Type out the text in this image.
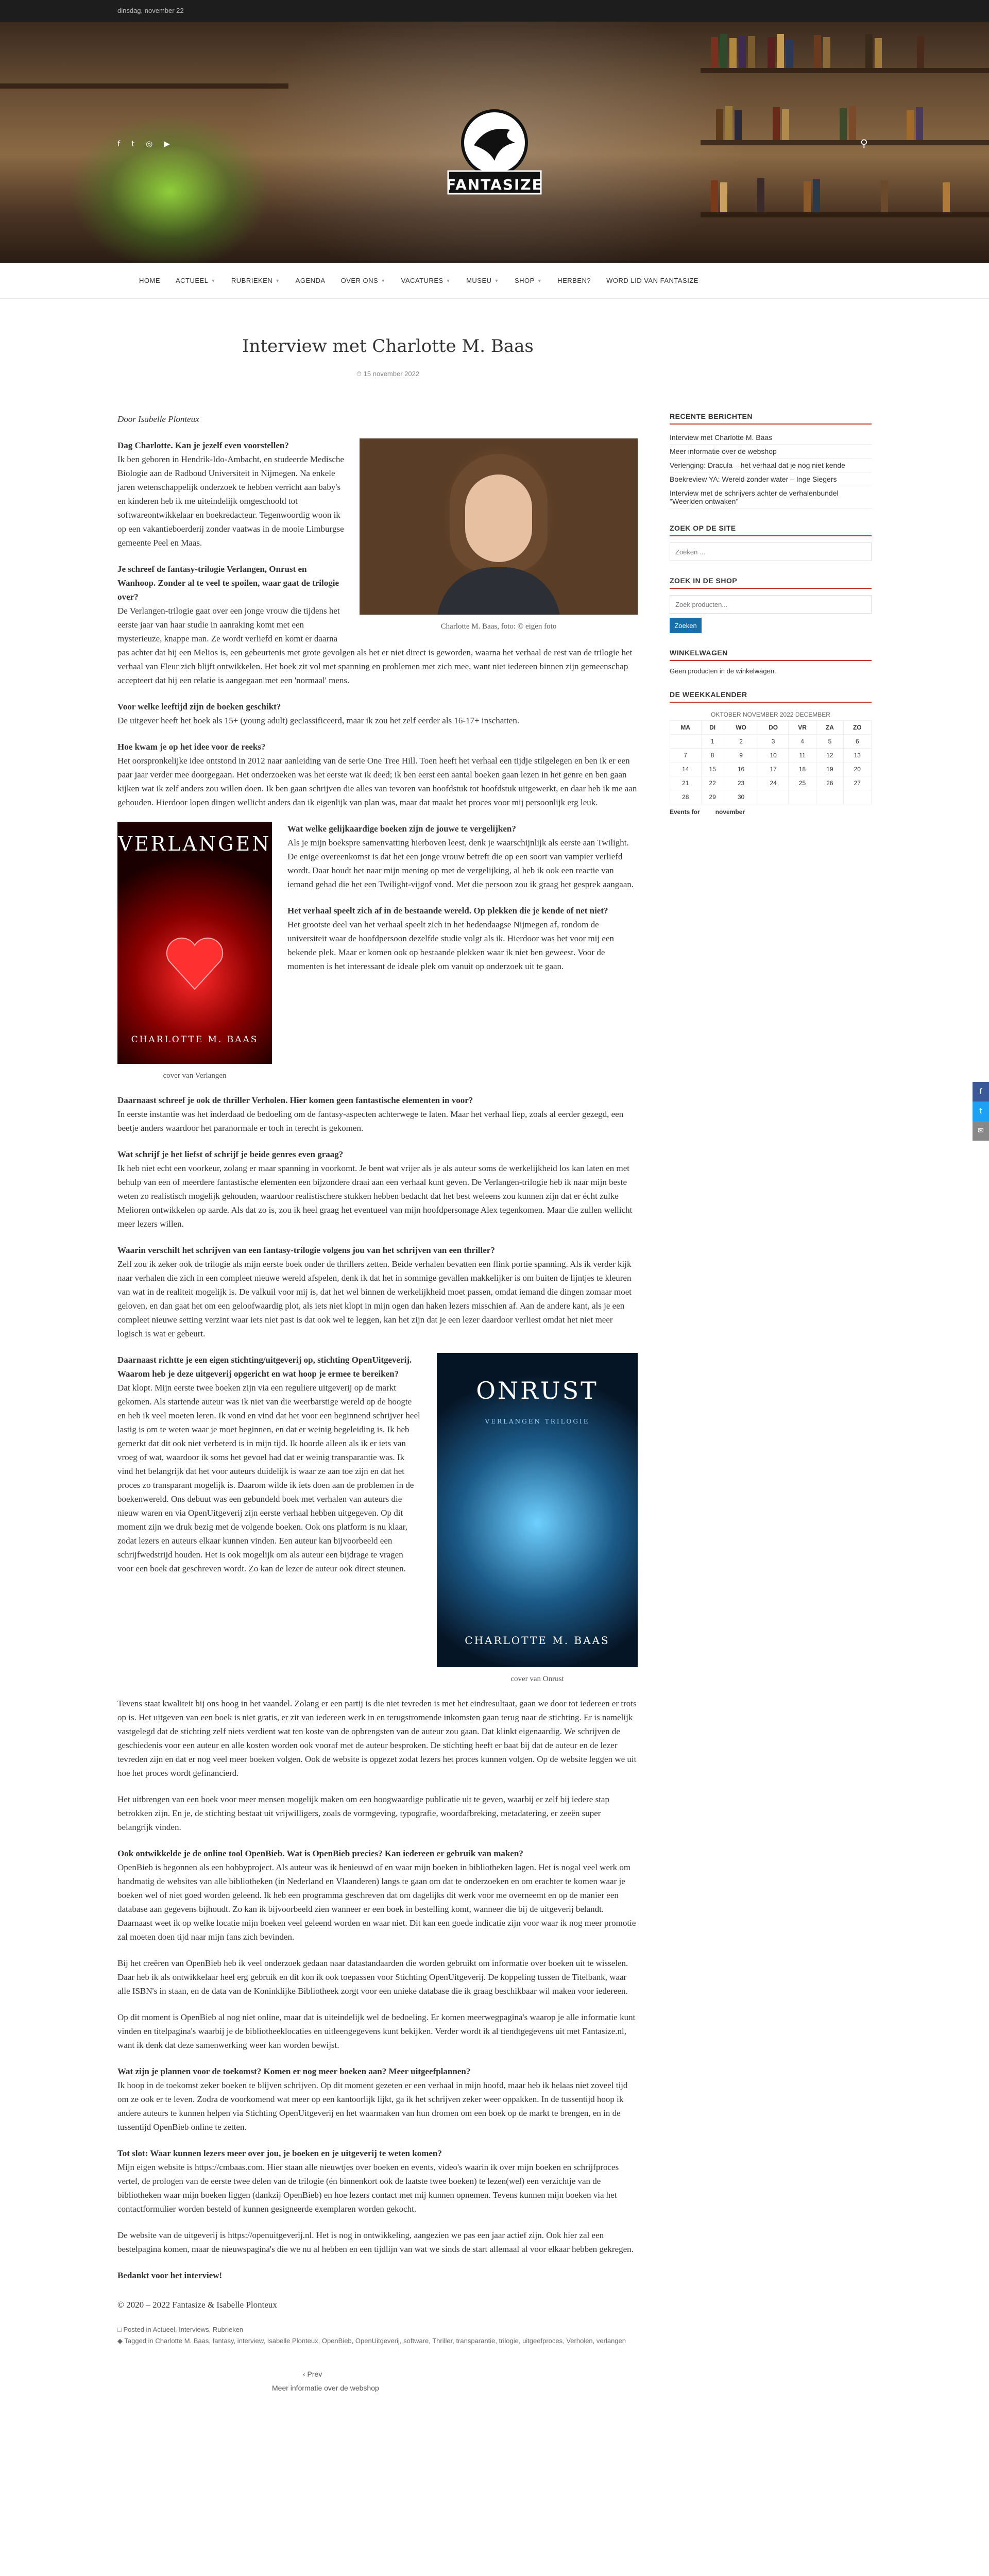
dinsdag, november 22
f t ◎ ▶	⚲
FANTASIZE
HOME ACTUEEL ▼ RUBRIEKEN ▼ AGENDA OVER ONS ▼ VACATURES ▼ MUSEU ▼ SHOP ▼ HERBEN? WORD LID VAN FANTASIZE
Interview met Charlotte M. Baas
⏱ 15 november 2022

Door Isabelle Plonteux

Charlotte M. Baas, foto: © eigen foto

Dag Charlotte. Kan je jezelf even voorstellen?
Ik ben geboren in Hendrik-Ido-Ambacht, en studeerde Medische Biologie aan de Radboud Universiteit in Nijmegen. Na enkele jaren wetenschappelijk onderzoek te hebben verricht aan baby's en kinderen heb ik me uiteindelijk omgeschoold tot softwareontwikkelaar en boekredacteur. Tegenwoordig woon ik op een vakantieboerderij zonder vaatwas in de mooie Limburgse gemeente Peel en Maas.

Je schreef de fantasy-trilogie Verlangen, Onrust en Wanhoop. Zonder al te veel te spoilen, waar gaat de trilogie over?
De Verlangen-trilogie gaat over een jonge vrouw die tijdens het eerste jaar van haar studie in aanraking komt met een mysterieuze, knappe man. Ze wordt verliefd en komt er daarna pas achter dat hij een Melios is, een gebeurtenis met grote gevolgen als het er niet direct is geworden, waarna het verhaal de rest van de trilogie het verhaal van Fleur zich blijft ontwikkelen. Het boek zit vol met spanning en problemen met zich mee, want niet iedereen binnen zijn gemeenschap accepteert dat hij een relatie is aangegaan met een 'normaal' mens.

Voor welke leeftijd zijn de boeken geschikt?
De uitgever heeft het boek als 15+ (young adult) geclassificeerd, maar ik zou het zelf eerder als 16-17+ inschatten.

Hoe kwam je op het idee voor de reeks?
Het oorspronkelijke idee ontstond in 2012 naar aanleiding van de serie One Tree Hill. Toen heeft het verhaal een tijdje stilgelegen en ben ik er een paar jaar verder mee doorgegaan. Het onderzoeken was het eerste wat ik deed; ik ben eerst een aantal boeken gaan lezen in het genre en ben gaan kijken wat ik zelf anders zou willen doen. Ik ben gaan schrijven die alles van tevoren van hoofdstuk tot hoofdstuk uitgewerkt, en daar heb ik me aan gehouden. Hierdoor lopen dingen wellicht anders dan ik eigenlijk van plan was, maar dat maakt het proces voor mij persoonlijk erg leuk.

VERLANGEN
CHARLOTTE M. BAAS
cover van Verlangen

Wat welke gelijkaardige boeken zijn de jouwe te vergelijken?
Als je mijn boekspre samenvatting hierboven leest, denk je waarschijnlijk als eerste aan Twilight. De enige overeenkomst is dat het een jonge vrouw betreft die op een soort van vampier verliefd wordt. Daar houdt het naar mijn mening op met de vergelijking, al heb ik ook een reactie van iemand gehad die het een Twilight-vijgof vond. Met die persoon zou ik graag het gesprek aangaan.

Het verhaal speelt zich af in de bestaande wereld. Op plekken die je kende of net niet?
Het grootste deel van het verhaal speelt zich in het hedendaagse Nijmegen af, rondom de universiteit waar de hoofdpersoon dezelfde studie volgt als ik. Hierdoor was het voor mij een bekende plek. Maar er komen ook op bestaande plekken waar ik niet ben geweest. Voor de momenten is het interessant de ideale plek om vanuit op onderzoek uit te gaan.

Daarnaast schreef je ook de thriller Verholen. Hier komen geen fantastische elementen in voor?
In eerste instantie was het inderdaad de bedoeling om de fantasy-aspecten achterwege te laten. Maar het verhaal liep, zoals al eerder gezegd, een beetje anders waardoor het paranormale er toch in terecht is gekomen.

Wat schrijf je het liefst of schrijf je beide genres even graag?
Ik heb niet echt een voorkeur, zolang er maar spanning in voorkomt. Je bent wat vrijer als je als auteur soms de werkelijkheid los kan laten en met behulp van een of meerdere fantastische elementen een bijzondere draai aan een verhaal kunt geven. De Verlangen-trilogie heb ik naar mijn beste weten zo realistisch mogelijk gehouden, waardoor realistischere stukken hebben bedacht dat het best weleens zou kunnen zijn dat er écht zulke Melioren ontwikkelen op aarde. Als dat zo is, zou ik heel graag het eventueel van mijn hoofdpersonage Alex tegenkomen. Maar die zullen wellicht meer lezers willen.

Waarin verschilt het schrijven van een fantasy-trilogie volgens jou van het schrijven van een thriller?
Zelf zou ik zeker ook de trilogie als mijn eerste boek onder de thrillers zetten. Beide verhalen bevatten een flink portie spanning. Als ik verder kijk naar verhalen die zich in een compleet nieuwe wereld afspelen, denk ik dat het in sommige gevallen makkelijker is om buiten de lijntjes te kleuren van wat in de realiteit mogelijk is. De valkuil voor mij is, dat het wel binnen de werkelijkheid moet passen, omdat iemand die dingen zomaar moet geloven, en dan gaat het om een geloofwaardig plot, als iets niet klopt in mijn ogen dan haken lezers misschien af. Aan de andere kant, als je een compleet nieuwe setting verzint waar iets niet past is dat ook wel te leggen, kan het zijn dat je een lezer daardoor verliest omdat het niet meer logisch is wat er gebeurt.

ONRUST
VERLANGEN TRILOGIE
CHARLOTTE M. BAAS
cover van Onrust

Daarnaast richtte je een eigen stichting/uitgeverij op, stichting OpenUitgeverij. Waarom heb je deze uitgeverij opgericht en wat hoop je ermee te bereiken?
Dat klopt. Mijn eerste twee boeken zijn via een reguliere uitgeverij op de markt gekomen. Als startende auteur was ik niet van die weerbarstige wereld op de hoogte en heb ik veel moeten leren. Ik vond en vind dat het voor een beginnend schrijver heel lastig is om te weten waar je moet beginnen, en dat er weinig begeleiding is. Ik heb gemerkt dat dit ook niet verbeterd is in mijn tijd. Ik hoorde alleen als ik er iets van vroeg of wat, waardoor ik soms het gevoel had dat er weinig transparantie was. Ik vind het belangrijk dat het voor auteurs duidelijk is waar ze aan toe zijn en dat het proces zo transparant mogelijk is. Daarom wilde ik iets doen aan de problemen in de boekenwereld. Ons debuut was een gebundeld boek met verhalen van auteurs die nieuw waren en via OpenUitgeverij zijn eerste verhaal hebben uitgegeven. Op dit moment zijn we druk bezig met de volgende boeken. Ook ons platform is nu klaar, zodat lezers en auteurs elkaar kunnen vinden. Een auteur kan bijvoorbeeld een schrijfwedstrijd houden. Het is ook mogelijk om als auteur een bijdrage te vragen voor een boek dat geschreven wordt. Zo kan de lezer de auteur ook direct steunen.

Tevens staat kwaliteit bij ons hoog in het vaandel. Zolang er een partij is die niet tevreden is met het eindresultaat, gaan we door tot iedereen er trots op is. Het uitgeven van een boek is niet gratis, er zit van iedereen werk in en terugstromende inkomsten gaan terug naar de stichting. Er is namelijk vastgelegd dat de stichting zelf niets verdient wat ten koste van de opbrengsten van de auteur zou gaan. Dat klinkt eigenaardig. We schrijven de geschiedenis voor een auteur en alle kosten worden ook vooraf met de auteur besproken. De stichting heeft er baat bij dat de auteur en de lezer tevreden zijn en dat er nog veel meer boeken volgen. Ook de website is opgezet zodat lezers het proces kunnen volgen. Op de website leggen we uit hoe het proces wordt gefinancierd.

Het uitbrengen van een boek voor meer mensen mogelijk maken om een hoogwaardige publicatie uit te geven, waarbij er zelf bij iedere stap betrokken zijn. En je, de stichting bestaat uit vrijwilligers, zoals de vormgeving, typografie, woordafbreking, metadatering, er zeeën super belangrijk vinden.

Ook ontwikkelde je de online tool OpenBieb. Wat is OpenBieb precies? Kan iedereen er gebruik van maken?
OpenBieb is begonnen als een hobbyproject. Als auteur was ik benieuwd of en waar mijn boeken in bibliotheken lagen. Het is nogal veel werk om handmatig de websites van alle bibliotheken (in Nederland en Vlaanderen) langs te gaan om dat te onderzoeken en om erachter te komen waar je boeken wel of niet goed worden geleend. Ik heb een programma geschreven dat om dagelijks dit werk voor me overneemt en op de manier een database aan gegevens bijhoudt. Zo kan ik bijvoorbeeld zien wanneer er een boek in bestelling komt, wanneer die bij de uitgeverij belandt. Daarnaast weet ik op welke locatie mijn boeken veel geleend worden en waar niet. Dit kan een goede indicatie zijn voor waar ik nog meer promotie zal moeten doen tijd naar mijn fans zich bevinden.

Bij het creëren van OpenBieb heb ik veel onderzoek gedaan naar datastandaarden die worden gebruikt om informatie over boeken uit te wisselen. Daar heb ik als ontwikkelaar heel erg gebruik en dit kon ik ook toepassen voor Stichting OpenUitgeverij. De koppeling tussen de Titelbank, waar alle ISBN's in staan, en de data van de Koninklijke Bibliotheek zorgt voor een unieke database die ik graag beschikbaar wil maken voor iedereen.

Op dit moment is OpenBieb al nog niet online, maar dat is uiteindelijk wel de bedoeling. Er komen meerwegpagina's waarop je alle informatie kunt vinden en titelpagina's waarbij je de bibliotheeklocaties en uitleengegevens kunt bekijken. Verder wordt ik al tiendtgegevens uit met Fantasize.nl, want ik denk dat deze samenwerking weer kan worden bewijst.

Wat zijn je plannen voor de toekomst? Komen er nog meer boeken aan? Meer uitgeefplannen?
Ik hoop in de toekomst zeker boeken te blijven schrijven. Op dit moment gezeten er een verhaal in mijn hoofd, maar heb ik helaas niet zoveel tijd om ze ook er te leven. Zodra de voorkomend wat meer op een kantoorlijk lijkt, ga ik het schrijven zeker weer oppakken. In de tussentijd hoop ik andere auteurs te kunnen helpen via Stichting OpenUitgeverij en het waarmaken van hun dromen om een boek op de markt te brengen, en in de tussentijd OpenBieb online te zetten.

Tot slot: Waar kunnen lezers meer over jou, je boeken en je uitgeverij te weten komen?
Mijn eigen website is https://cmbaas.com. Hier staan alle nieuwtjes over boeken en events, video's waarin ik over mijn boeken en schrijfproces vertel, de prologen van de eerste twee delen van de trilogie (én binnenkort ook de laatste twee boeken) te lezen(wel) een verzichtje van de bibliotheken waar mijn boeken liggen (dankzij OpenBieb) en hoe lezers contact met mij kunnen opnemen. Tevens kunnen mijn boeken via het contactformulier worden besteld of kunnen gesigneerde exemplaren worden gekocht.

De website van de uitgeverij is https://openuitgeverij.nl. Het is nog in ontwikkeling, aangezien we pas een jaar actief zijn. Ook hier zal een bestelpagina komen, maar de nieuwspagina's die we nu al hebben en een tijdlijn van wat we sinds de start allemaal al voor elkaar hebben gekregen.

Bedankt voor het interview!

© 2020 – 2022 Fantasize & Isabelle Plonteux

□ Posted in Actueel, Interviews, Rubrieken
◆ Tagged in Charlotte M. Baas, fantasy, interview, Isabelle Plonteux, OpenBieb, OpenUitgeverij, software, Thriller, transparantie, trilogie, uitgeefproces, Verholen, verlangen
‹ Prev
Meer informatie over de webshop
RECENTE BERICHTEN
Interview met Charlotte M. Baas
Meer informatie over de webshop
Verlenging: Dracula – het verhaal dat je nog niet kende
Boekreview YA: Wereld zonder water – Inge Siegers
Interview met de schrijvers achter de verhalenbundel "Weerlden ontwaken"
ZOEK OP DE SITE
Zoeken ...
ZOEK IN DE SHOP
Zoek producten... Zoeken
WINKELWAGEN
Geen producten in de winkelwagen.
DE WEEKKALENDER
OKTOBER NOVEMBER 2022 DECEMBER
MA	DI	WO	DO	VR	ZA	ZO
	1	2	3	4	5	6
7	8	9	10	11	12	13
14	15	16	17	18	19	20
21	22	23	24	25	26	27
28	29	30				
Events for	november
f
t
✉
